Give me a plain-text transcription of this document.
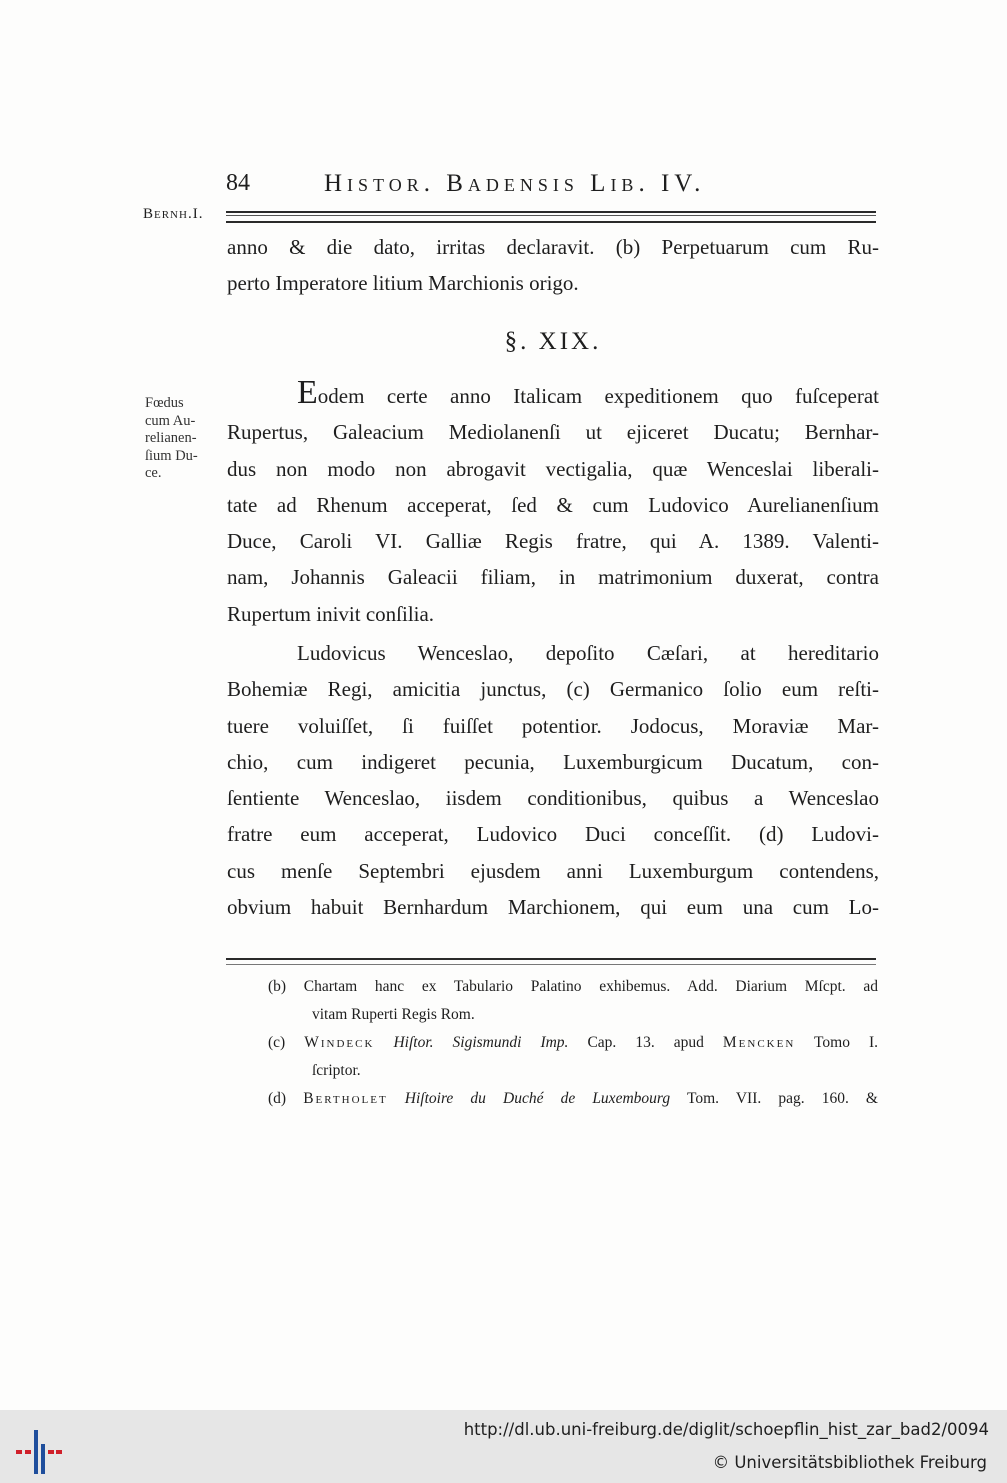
84	Histor. Badensis Lib. IV.
Bernh.I.
anno & die dato, irritas declaravit. (b) Perpetuarum cum Ru-
perto Imperatore litium Marchionis origo.
§. XIX.
Fœdus
cum Au-
relianen-
ſium Du-
ce.
Eodem certe anno Italicam expeditionem quo fuſceperat
Rupertus, Galeacium Mediolanenſi ut ejiceret Ducatu; Bernhar-
dus non modo non abrogavit vectigalia, quæ Wenceslai liberali-
tate ad Rhenum acceperat, ſed & cum Ludovico Aurelianenſium
Duce, Caroli VI. Galliæ Regis fratre, qui A. 1389. Valenti-
nam, Johannis Galeacii filiam, in matrimonium duxerat, contra
Rupertum inivit conſilia.
Ludovicus Wenceslao, depoſito Cæſari, at hereditario
Bohemiæ Regi, amicitia junctus, (c) Germanico ſolio eum reſti-
tuere voluiſſet, ſi fuiſſet potentior. Jodocus, Moraviæ Mar-
chio, cum indigeret pecunia, Luxemburgicum Ducatum, con-
ſentiente Wenceslao, iisdem conditionibus, quibus a Wenceslao
fratre eum acceperat, Ludovico Duci conceſſit. (d) Ludovi-
cus menſe Septembri ejusdem anni Luxemburgum contendens,
obvium habuit Bernhardum Marchionem, qui eum una cum Lo-
(b) Chartam hanc ex Tabulario Palatino exhibemus. Add. Diarium Mſcpt. ad
vitam Ruperti Regis Rom.
(c) Windeck Hiſtor. Sigismundi Imp. Cap. 13. apud Mencken Tomo I.
ſcriptor.
(d) Bertholet Hiſtoire du Duché de Luxembourg Tom. VII. pag. 160. &
http://dl.ub.uni-freiburg.de/diglit/schoepflin_hist_zar_bad2/0094
© Universitätsbibliothek Freiburg
